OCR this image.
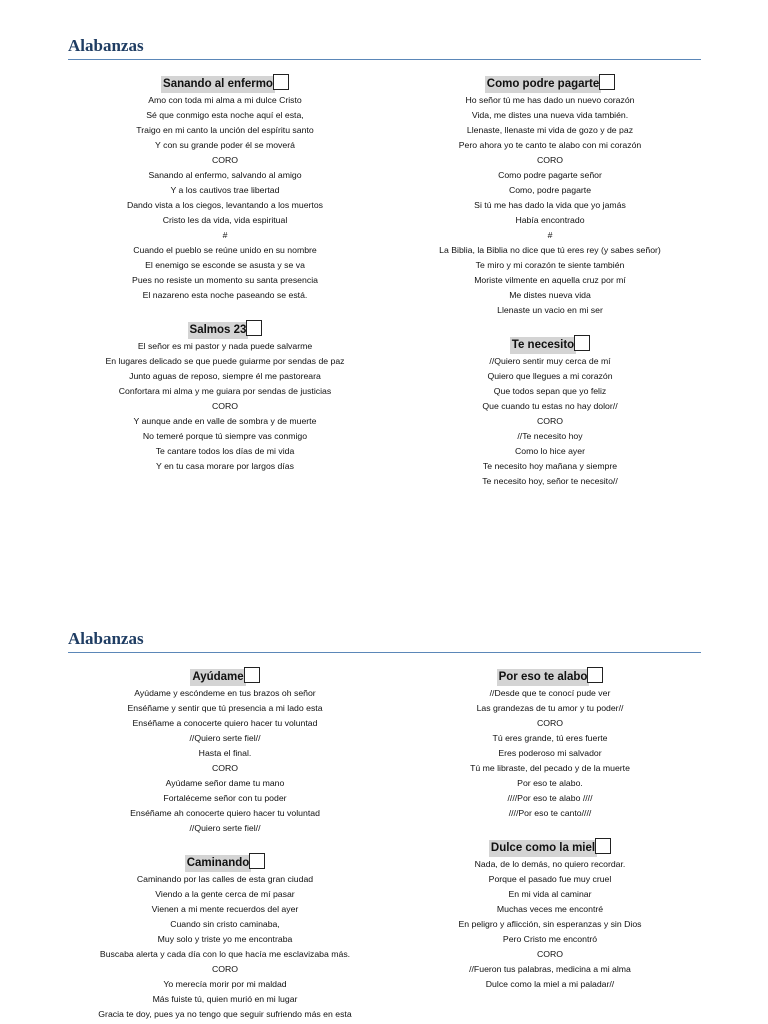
Alabanzas
Sanando al enfermo
Amo con toda mi alma a mi dulce Cristo
Sé que conmigo esta noche aquí el esta,
Traigo en mi canto la unción del espíritu santo
Y con su grande poder él se moverá
CORO
Sanando al enfermo, salvando al amigo
Y a los cautivos trae libertad
Dando vista a los ciegos, levantando a los muertos
Cristo les da vida, vida espiritual
#
Cuando el pueblo se reúne unido en su nombre
El enemigo se esconde se asusta y se va
Pues no resiste un momento su santa presencia
El nazareno esta noche paseando se está.
Salmos 23
El señor es mi pastor y nada puede salvarme
En lugares delicado se que puede guiarme por sendas de paz
Junto aguas de reposo, siempre él me pastoreara
Confortara mi alma y me guiara por sendas de justicias
CORO
Y aunque ande en valle de sombra y de muerte
No temeré porque tú siempre vas conmigo
Te cantare todos los días de mi vida
Y en tu casa morare por largos días
Como podre pagarte
Ho señor tú me has dado un nuevo corazón
Vida, me distes una nueva vida también.
Llenaste, llenaste mi vida de gozo y de paz
Pero ahora yo te canto te alabo con mi corazón
CORO
Como podre pagarte señor
Como, podre pagarte
Si tú me has dado la vida que yo jamás
Había encontrado
#
La Biblia, la Biblia no dice que tú eres rey (y sabes señor)
Te miro y mi corazón te siente también
Moriste vilmente en aquella cruz por mí
Me distes nueva vida
Llenaste un vacio en mi ser
Te necesito
//Quiero sentir muy cerca de mí
Quiero que llegues a mi corazón
Que todos sepan que yo feliz
Que cuando tu estas no hay dolor//
CORO
//Te necesito hoy
Como lo hice ayer
Te necesito hoy mañana y siempre
Te necesito hoy, señor te necesito//
Alabanzas
Ayúdame
Ayúdame y escóndeme en tus brazos oh señor
Enséñame y sentir que tú presencia a mi lado esta
Enséñame a conocerte quiero hacer tu voluntad
//Quiero serte fiel//
Hasta el final.
CORO
Ayúdame señor dame tu mano
Fortaléceme señor con tu poder
Enséñame ah conocerte quiero hacer tu voluntad
//Quiero serte fiel//
Caminando
Caminando por las calles de esta gran ciudad
Viendo a la gente cerca de mí pasar
Vienen a mi mente recuerdos del ayer
Cuando sin cristo caminaba,
Muy solo y triste yo me encontraba
Buscaba alerta y cada día con lo que hacía me esclavizaba más.
CORO
Yo merecía morir por mi maldad
Más fuiste tú, quien murió en mi lugar
Gracia te doy, pues ya no tengo que seguir sufriendo más en esta
Por eso te alabo
//Desde que te conocí pude ver
Las grandezas de tu amor y tu poder//
CORO
Tú eres grande, tú eres fuerte
Eres poderoso mi salvador
Tú me libraste, del pecado y de la muerte
Por eso te alabo.
////Por eso te alabo ////
////Por eso te canto////
Dulce como la miel
Nada, de lo demás, no quiero recordar.
Porque el pasado fue muy cruel
En mi vida al caminar
Muchas veces me encontré
En peligro y aflicción, sin esperanzas y sin Dios
Pero Cristo me encontró
CORO
//Fueron tus palabras, medicina a mi alma
Dulce como la miel a mi paladar//
